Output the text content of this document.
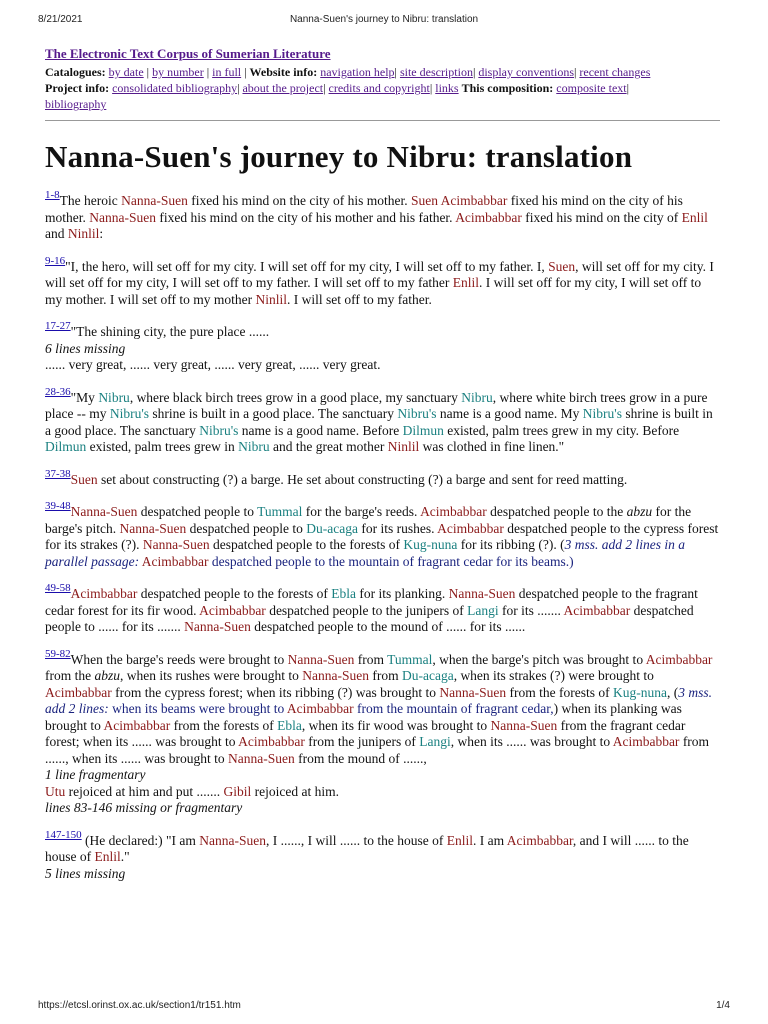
8/21/2021	Nanna-Suen's journey to Nibru: translation
The Electronic Text Corpus of Sumerian Literature
Catalogues: by date | by number | in full | Website info: navigation help| site description| display conventions| recent changes
Project info: consolidated bibliography| about the project| credits and copyright| links This composition: composite text|
bibliography
Nanna-Suen's journey to Nibru: translation
$^{1-8}$The heroic Nanna-Suen fixed his mind on the city of his mother. Suen Acimbabbar fixed his mind on the city of his mother. Nanna-Suen fixed his mind on the city of his mother and his father. Acimbabbar fixed his mind on the city of Enlil and Ninlil:
$^{9-16}$"I, the hero, will set off for my city. I will set off for my city, I will set off to my father. I, Suen, will set off for my city. I will set off for my city, I will set off to my father. I will set off to my father Enlil. I will set off for my city, I will set off to my mother. I will set off to my mother Ninlil. I will set off to my father.
$^{17-27}$"The shining city, the pure place ......
6 lines missing
...... very great, ...... very great, ...... very great, ...... very great.
$^{28-36}$"My Nibru, where black birch trees grow in a good place, my sanctuary Nibru, where white birch trees grow in a pure place -- my Nibru's shrine is built in a good place. The sanctuary Nibru's name is a good name. My Nibru's shrine is built in a good place. The sanctuary Nibru's name is a good name. Before Dilmun existed, palm trees grew in my city. Before Dilmun existed, palm trees grew in Nibru and the great mother Ninlil was clothed in fine linen."
$^{37-38}$Suen set about constructing (?) a barge. He set about constructing (?) a barge and sent for reed matting.
$^{39-48}$Nanna-Suen despatched people to Tummal for the barge's reeds. Acimbabbar despatched people to the abzu for the barge's pitch. Nanna-Suen despatched people to Du-acaga for its rushes. Acimbabbar despatched people to the cypress forest for its strakes (?). Nanna-Suen despatched people to the forests of Kug-nuna for its ribbing (?). (3 mss. add 2 lines in a parallel passage: Acimbabbar despatched people to the mountain of fragrant cedar for its beams.)
$^{49-58}$Acimbabbar despatched people to the forests of Ebla for its planking. Nanna-Suen despatched people to the fragrant cedar forest for its fir wood. Acimbabbar despatched people to the junipers of Langi for its ....... Acimbabbar despatched people to ...... for its ....... Nanna-Suen despatched people to the mound of ...... for its ......
$^{59-82}$When the barge's reeds were brought to Nanna-Suen from Tummal, when the barge's pitch was brought to Acimbabbar from the abzu, when its rushes were brought to Nanna-Suen from Du-acaga, when its strakes (?) were brought to Acimbabbar from the cypress forest; when its ribbing (?) was brought to Nanna-Suen from the forests of Kug-nuna, (3 mss. add 2 lines: when its beams were brought to Acimbabbar from the mountain of fragrant cedar,) when its planking was brought to Acimbabbar from the forests of Ebla, when its fir wood was brought to Nanna-Suen from the fragrant cedar forest; when its ...... was brought to Acimbabbar from the junipers of Langi, when its ...... was brought to Acimbabbar from ......, when its ...... was brought to Nanna-Suen from the mound of ......,
1 line fragmentary
Utu rejoiced at him and put ....... Gibil rejoiced at him.
lines 83-146 missing or fragmentary
$^{147-150}$ (He declared:) "I am Nanna-Suen, I ......, I will ...... to the house of Enlil. I am Acimbabbar, and I will ...... to the house of Enlil."
5 lines missing
https://etcsl.orinst.ox.ac.uk/section1/tr151.htm	1/4
